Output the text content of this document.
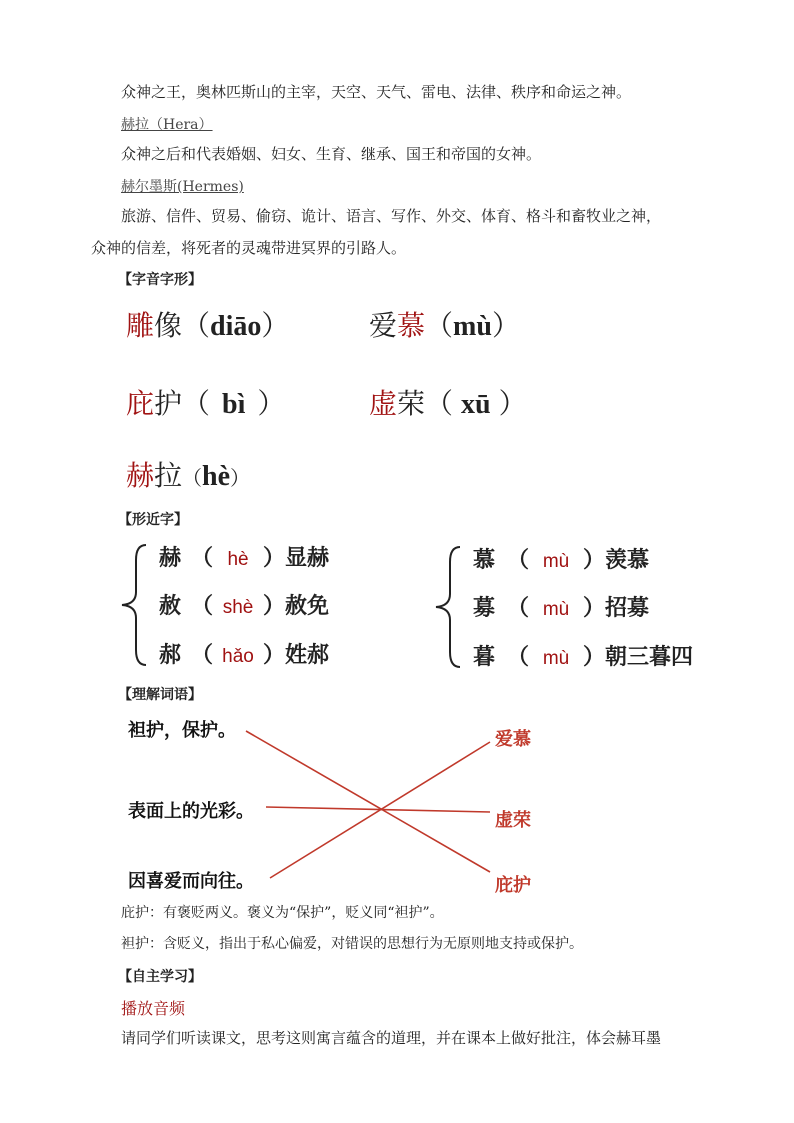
众神之王，奥林匹斯山的主宰，天空、天气、雷电、法律、秩序和命运之神。
赫拉（Hera）
众神之后和代表婚姻、妇女、生育、继承、国王和帝国的女神。
赫尔墨斯(Hermes)
旅游、信件、贸易、偷窃、诡计、语言、写作、外交、体育、格斗和畜牧业之神，
众神的信差，将死者的灵魂带进冥界的引路人。
【字音字形】
雕像（diāo）	爱慕（mù）
庇护（ bì ）	虚荣（ xū ）
赫拉（hè）
【形近字】
赫 （ hè ）显赫
赦 （ shè ）赦免
郝 （ hǎo ）姓郝
慕 （ mù ）羡慕
募 （ mù ）招募
暮 （ mù ）朝三暮四
【理解词语】
袒护，保护。
表面上的光彩。
因喜爱而向往。
爱慕
虚荣
庇护
庇护：有褒贬两义。褒义为“保护”，贬义同“袒护”。
袒护：含贬义，指出于私心偏爱，对错误的思想行为无原则地支持或保护。
【自主学习】
播放音频
请同学们听读课文，思考这则寓言蕴含的道理，并在课本上做好批注，体会赫耳墨
